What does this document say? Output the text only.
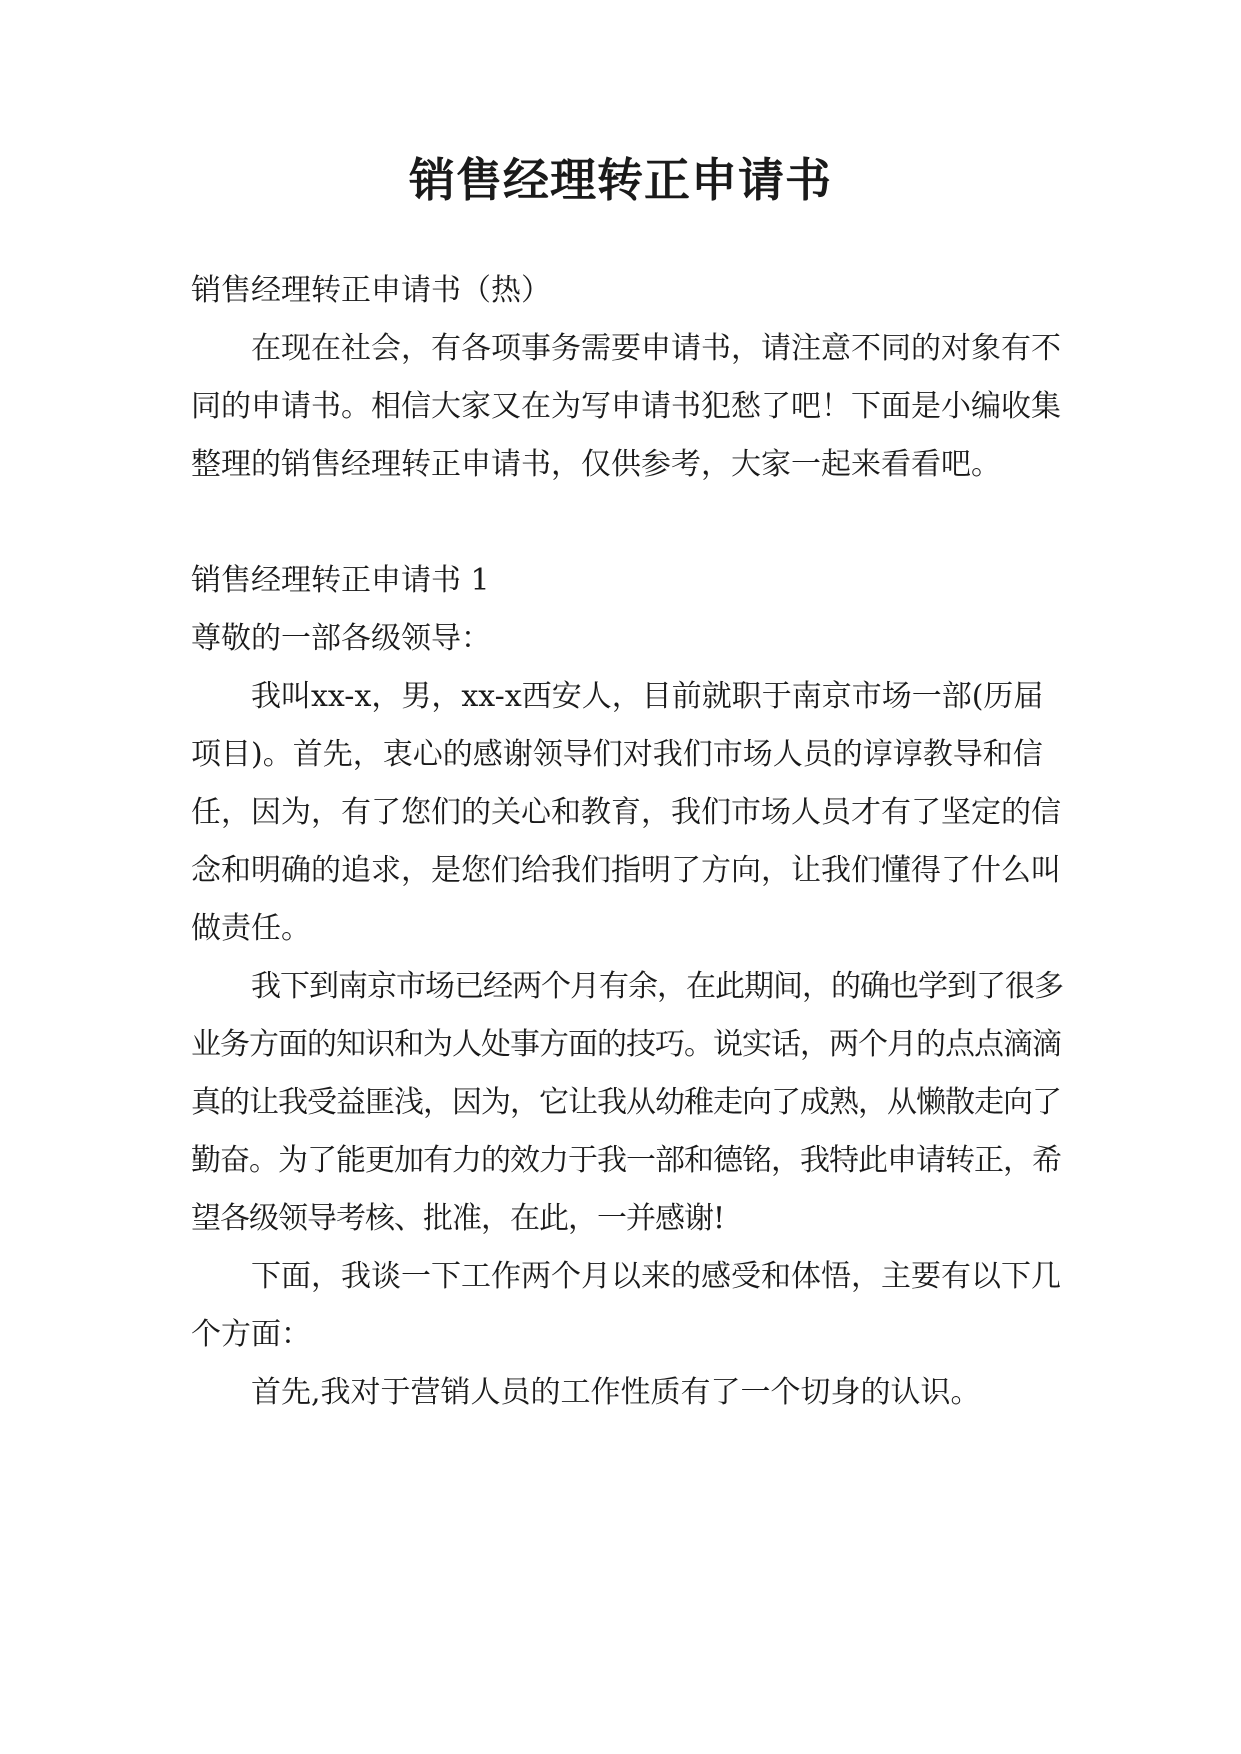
销售经理转正申请书

销售经理转正申请书（热）

在现在社会，有各项事务需要申请书，请注意不同的对象有不同的申请书。相信大家又在为写申请书犯愁了吧！下面是小编收集整理的销售经理转正申请书，仅供参考，大家一起来看看吧。

销售经理转正申请书 1

尊敬的一部各级领导：

我叫xx-x，男，xx-x西安人，目前就职于南京市场一部(历届项目)。首先，衷心的感谢领导们对我们市场人员的谆谆教导和信任，因为，有了您们的关心和教育，我们市场人员才有了坚定的信念和明确的追求，是您们给我们指明了方向，让我们懂得了什么叫做责任。

我下到南京市场已经两个月有余，在此期间，的确也学到了很多业务方面的知识和为人处事方面的技巧。说实话，两个月的点点滴滴真的让我受益匪浅，因为，它让我从幼稚走向了成熟，从懒散走向了勤奋。为了能更加有力的效力于我一部和德铭，我特此申请转正，希望各级领导考核、批准，在此，一并感谢!

下面，我谈一下工作两个月以来的感受和体悟，主要有以下几个方面：

首先,我对于营销人员的工作性质有了一个切身的认识。
